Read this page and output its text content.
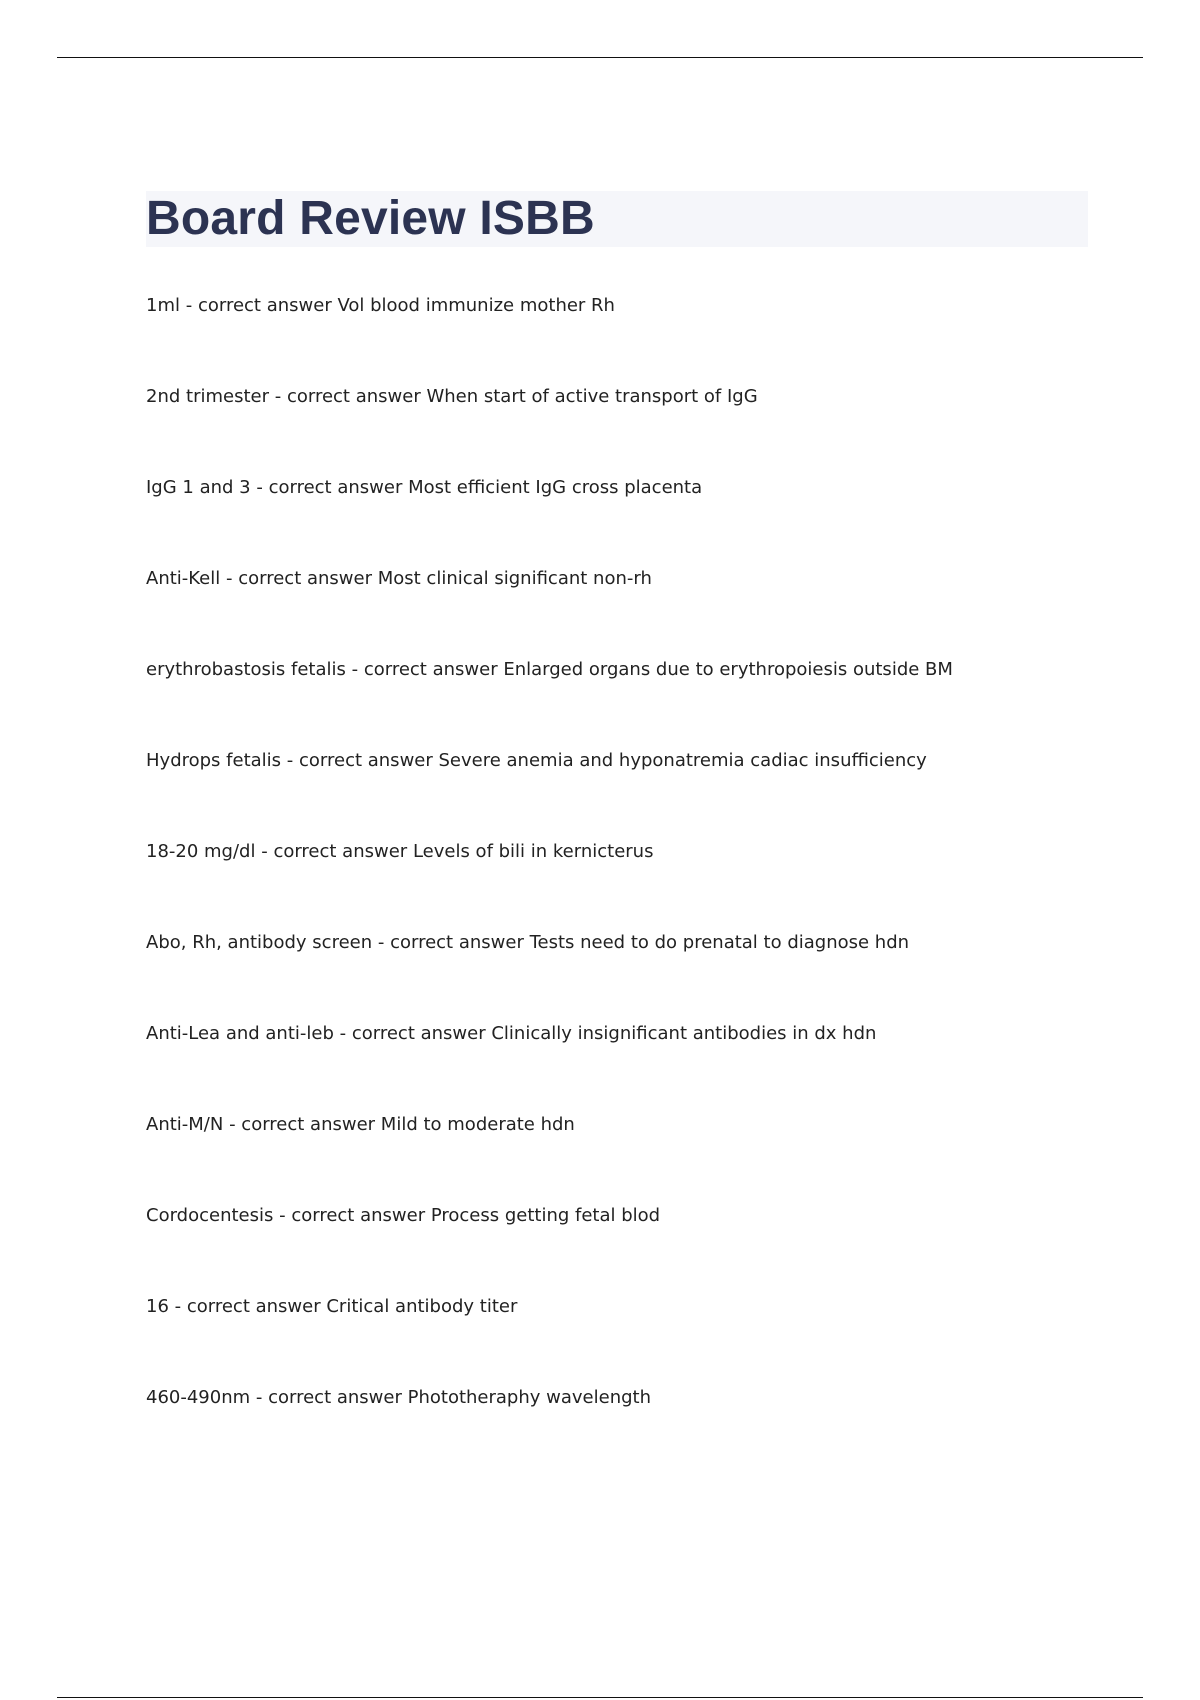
Board Review ISBB
1ml - correct answer Vol blood immunize mother Rh
2nd trimester - correct answer When start of active transport of IgG
IgG 1 and 3 - correct answer Most efficient IgG cross placenta
Anti-Kell - correct answer Most clinical significant non-rh
erythrobastosis fetalis - correct answer Enlarged organs due to erythropoiesis outside BM
Hydrops fetalis - correct answer Severe anemia and hyponatremia cadiac insufficiency
18-20 mg/dl - correct answer Levels of bili in kernicterus
Abo, Rh, antibody screen - correct answer Tests need to do prenatal to diagnose hdn
Anti-Lea and anti-leb - correct answer Clinically insignificant antibodies in dx hdn
Anti-M/N - correct answer Mild to moderate hdn
Cordocentesis - correct answer Process getting fetal blod
16 - correct answer Critical antibody titer
460-490nm - correct answer Phototheraphy wavelength
